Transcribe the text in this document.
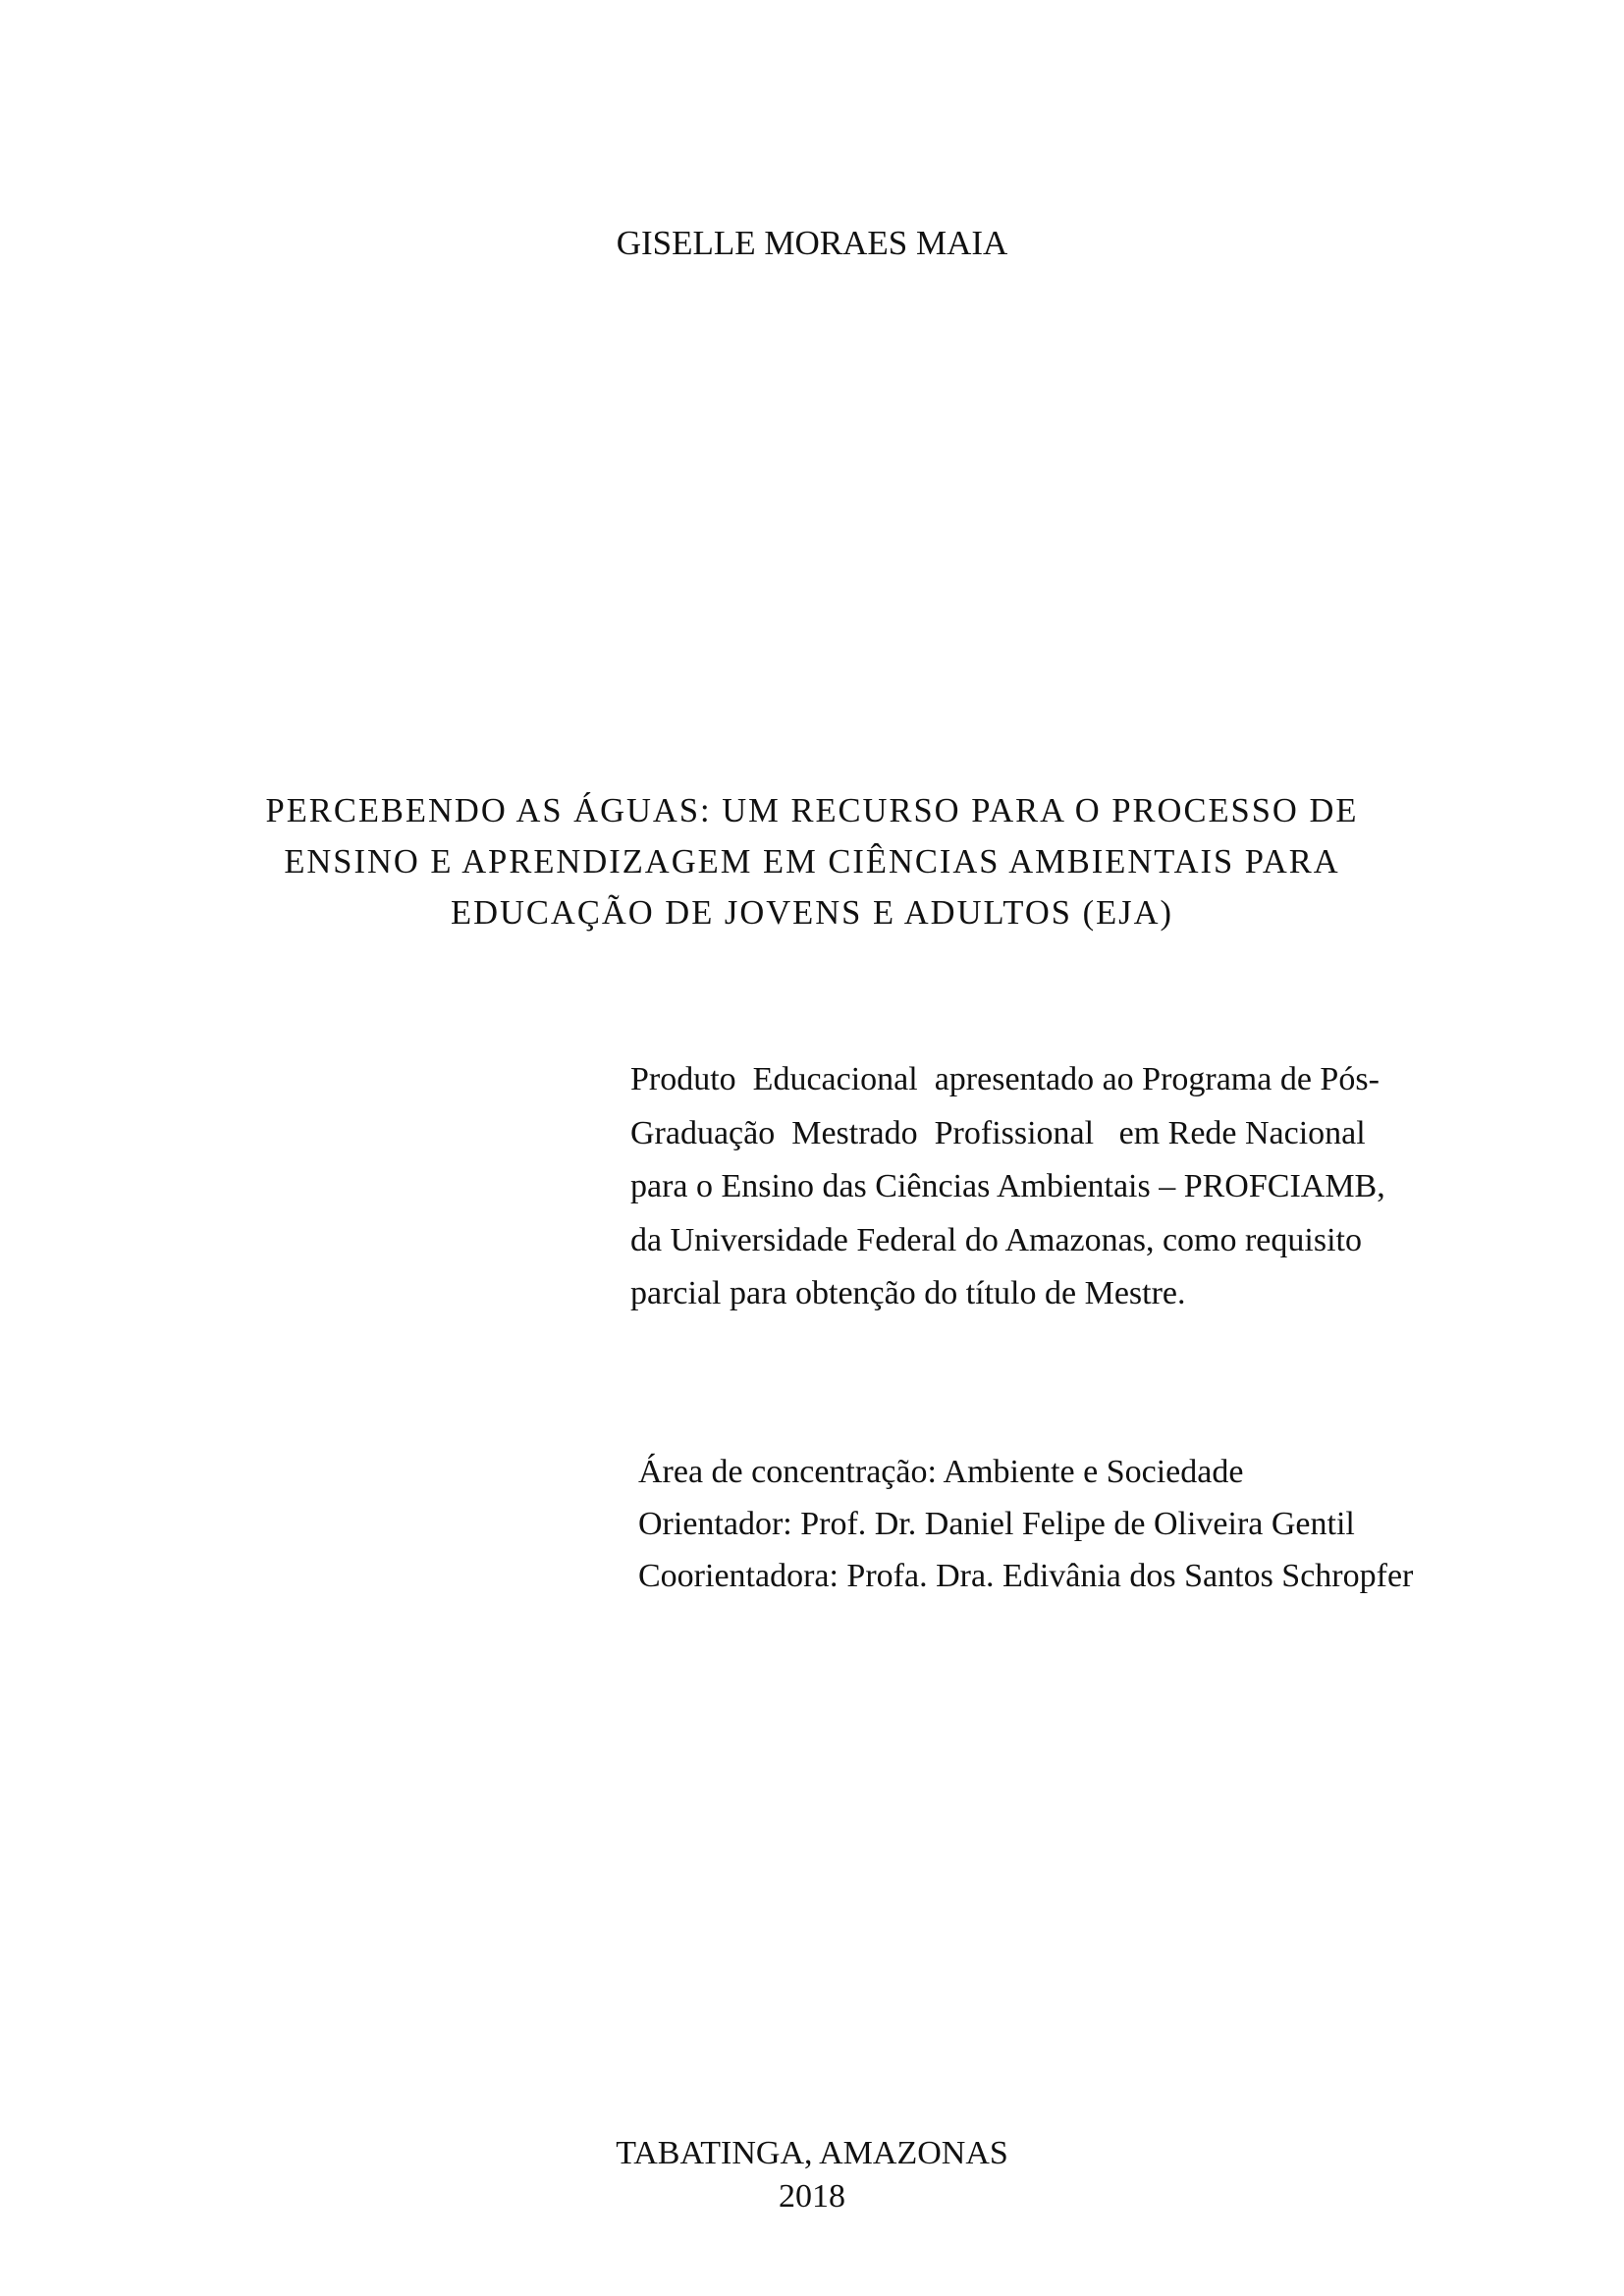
GISELLE MORAES MAIA
PERCEBENDO AS ÁGUAS: UM RECURSO PARA O PROCESSO DE
ENSINO E APRENDIZAGEM EM CIÊNCIAS AMBIENTAIS PARA
EDUCAÇÃO DE JOVENS E ADULTOS (EJA)
Produto  Educacional  apresentado ao Programa de Pós-
Graduação  Mestrado  Profissional   em Rede Nacional
para o Ensino das Ciências Ambientais – PROFCIAMB,
da Universidade Federal do Amazonas, como requisito
parcial para obtenção do título de Mestre.
Área de concentração: Ambiente e Sociedade
Orientador: Prof. Dr. Daniel Felipe de Oliveira Gentil
Coorientadora: Profa. Dra. Edivânia dos Santos Schropfer
TABATINGA, AMAZONAS
2018
